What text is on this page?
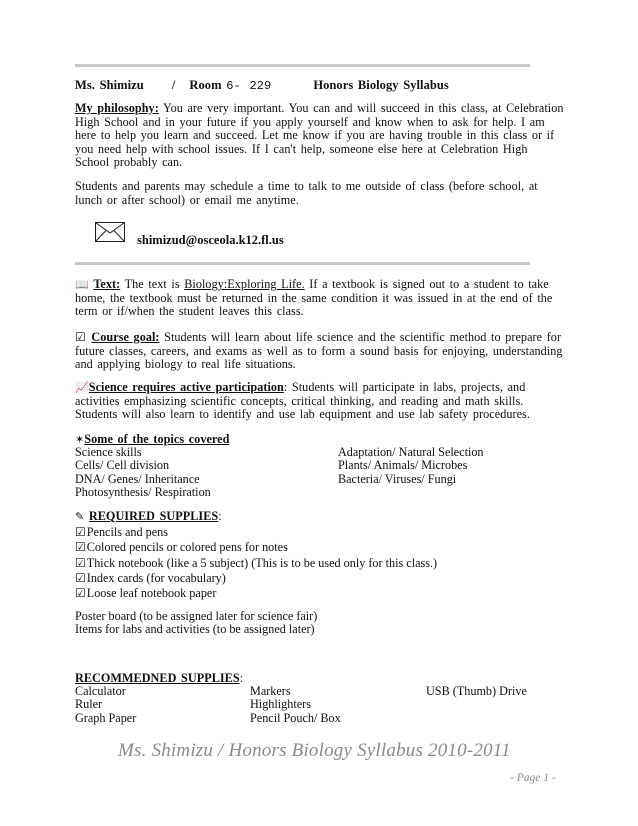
Ms. Shimizu / Room 6- 229	Honors Biology Syllabus
My philosophy: You are very important. You can and will succeed in this class, at Celebration High School and in your future if you apply yourself and know when to ask for help. I am here to help you learn and succeed. Let me know if you are having trouble in this class or if you need help with school issues. If I can't help, someone else here at Celebration High School probably can.
Students and parents may schedule a time to talk to me outside of class (before school, at lunch or after school) or email me anytime.
shimizud@osceola.k12.fl.us
📖 Text: The text is Biology:Exploring Life. If a textbook is signed out to a student to take home, the textbook must be returned in the same condition it was issued in at the end of the term or if/when the student leaves this class.
☑ Course goal: Students will learn about life science and the scientific method to prepare for future classes, careers, and exams as well as to form a sound basis for enjoying, understanding and applying biology to real life situations.
📈Science requires active participation: Students will participate in labs, projects, and activities emphasizing scientific concepts, critical thinking, and reading and math skills. Students will also learn to identify and use lab equipment and use lab safety procedures.
✶Some of the topics covered
Science skills
Cells/ Cell division
DNA/ Genes/ Inheritance
Photosynthesis/ Respiration
Adaptation/ Natural Selection
Plants/ Animals/ Microbes
Bacteria/ Viruses/ Fungi
✎ REQUIRED SUPPLIES:
☑Pencils and pens
☑Colored pencils or colored pens for notes
☑Thick notebook (like a 5 subject) (This is to be used only for this class.)
☑Index cards (for vocabulary)
☑Loose leaf notebook paper
Poster board (to be assigned later for science fair)
Items for labs and activities (to be assigned later)
RECOMMEDNED SUPPLIES:
Calculator
Ruler
Graph Paper
Markers
Highlighters
Pencil Pouch/ Box
USB (Thumb) Drive
Ms. Shimizu / Honors Biology Syllabus 2010-2011
- Page 1 -
